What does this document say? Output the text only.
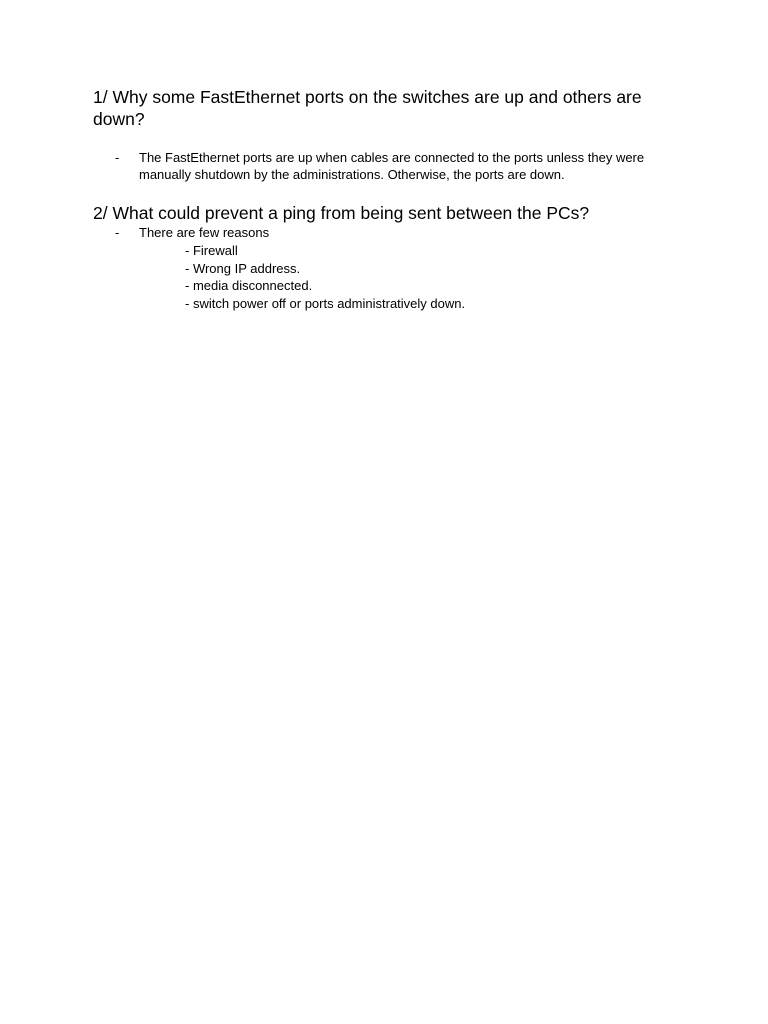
1/ Why some FastEthernet ports on the switches are up and others are down?
- The FastEthernet ports are up when cables are connected to the ports unless they were manually shutdown by the administrations. Otherwise, the ports are down.

2/ What could prevent a ping from being sent between the PCs?
- There are few reasons

- Firewall
- Wrong IP address.
- media disconnected.
- switch power off or ports administratively down.
